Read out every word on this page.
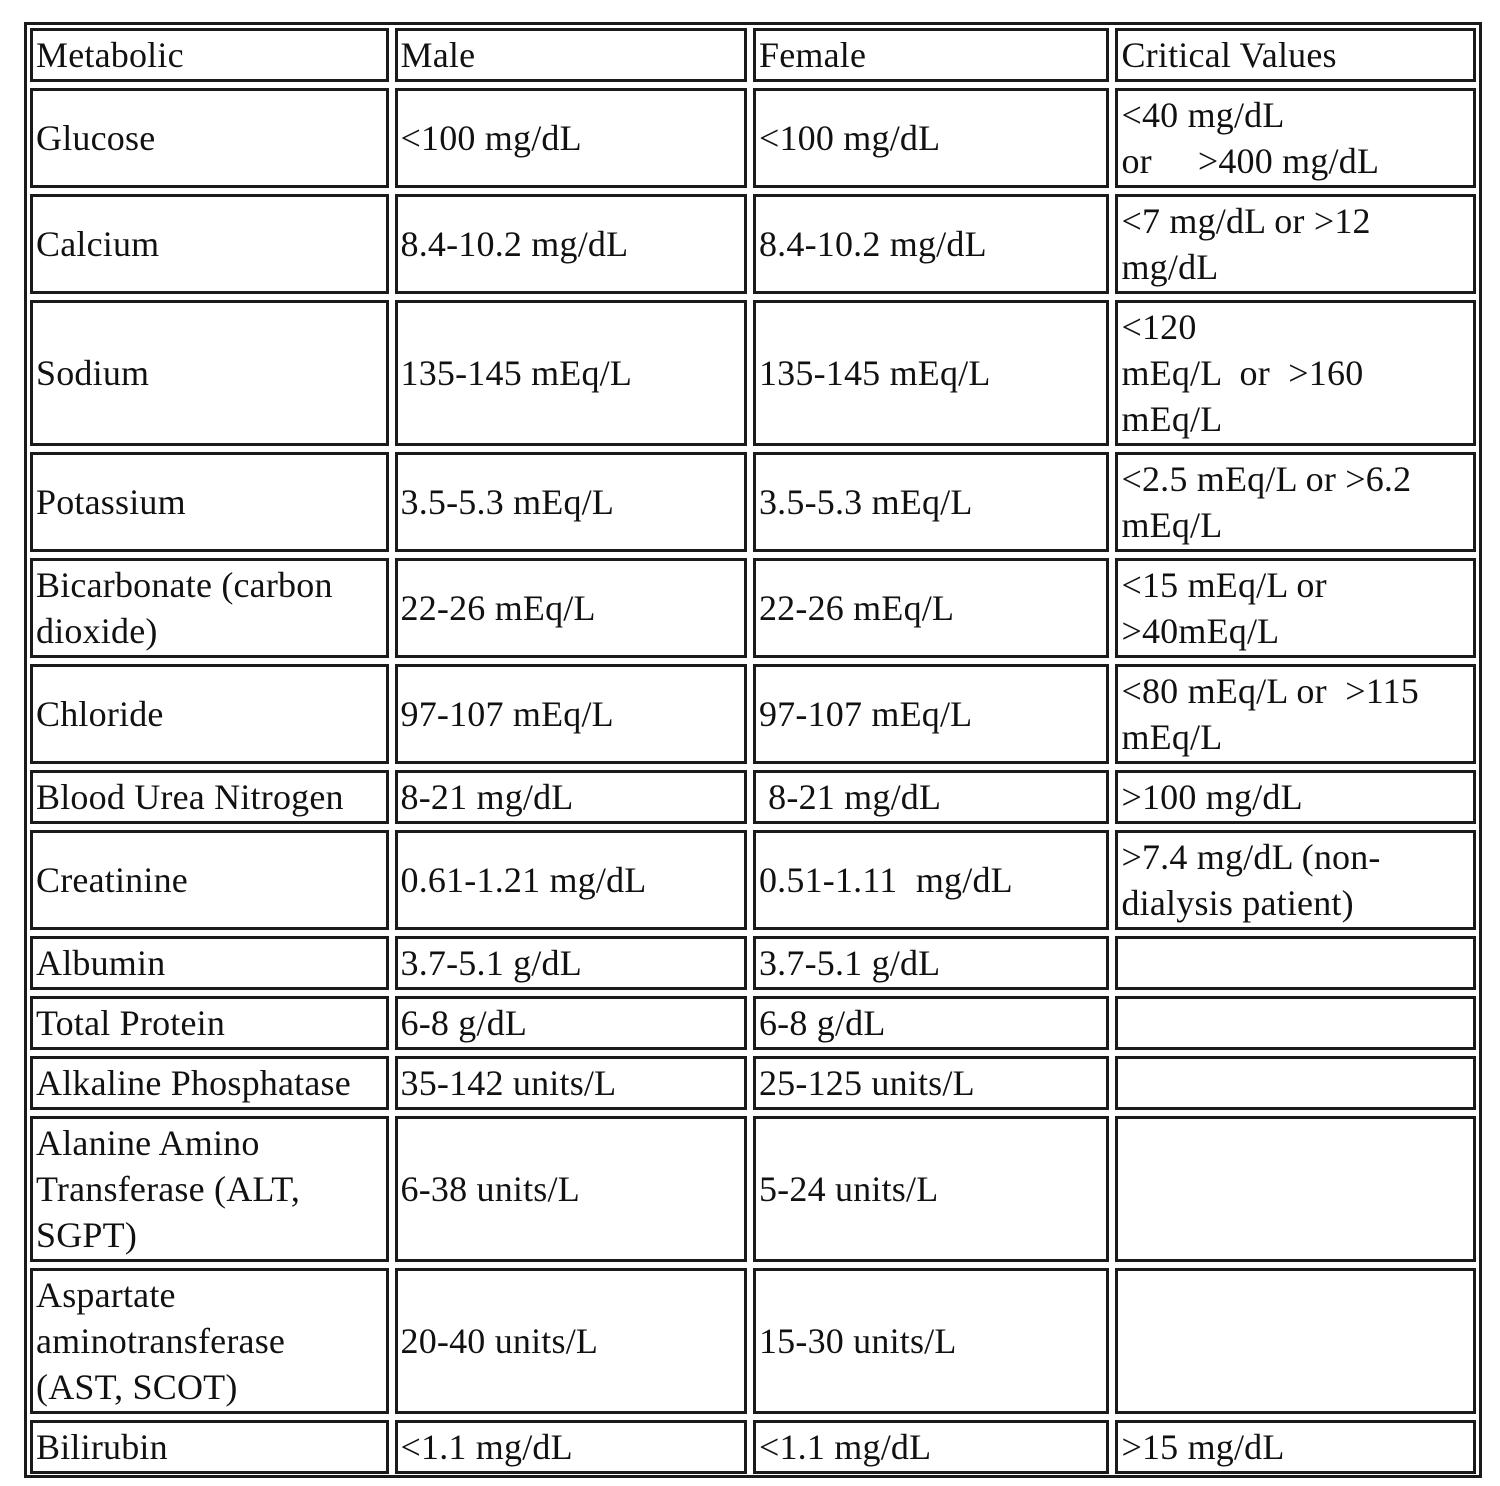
Metabolic	Male	Female	Critical Values

Glucose	<100 mg/dL	<100 mg/dL	<40 mg/dL
or     >400 mg/dL

Calcium	8.4-10.2 mg/dL	8.4-10.2 mg/dL	<7 mg/dL or >12
mg/dL

Sodium	135-145 mEq/L	135-145 mEq/L	<120
mEq/L  or  >160
mEq/L

Potassium	3.5-5.3 mEq/L	3.5-5.3 mEq/L	<2.5 mEq/L or >6.2
mEq/L

Bicarbonate (carbon
dioxide)	22-26 mEq/L	22-26 mEq/L	<15 mEq/L or
>40mEq/L

Chloride	97-107 mEq/L	97-107 mEq/L	<80 mEq/L or  >115
mEq/L

Blood Urea Nitrogen	8-21 mg/dL	8-21 mg/dL	>100 mg/dL

Creatinine	0.61-1.21 mg/dL	0.51-1.11  mg/dL	>7.4 mg/dL (non-
dialysis patient)

Albumin	3.7-5.1 g/dL	3.7-5.1 g/dL	

Total Protein	6-8 g/dL	6-8 g/dL	

Alkaline Phosphatase	35-142 units/L	25-125 units/L	

Alanine Amino
Transferase (ALT,
SGPT)	6-38 units/L	5-24 units/L	

Aspartate
aminotransferase
(AST, SCOT)	20-40 units/L	15-30 units/L	

Bilirubin	<1.1 mg/dL	<1.1 mg/dL	>15 mg/dL
